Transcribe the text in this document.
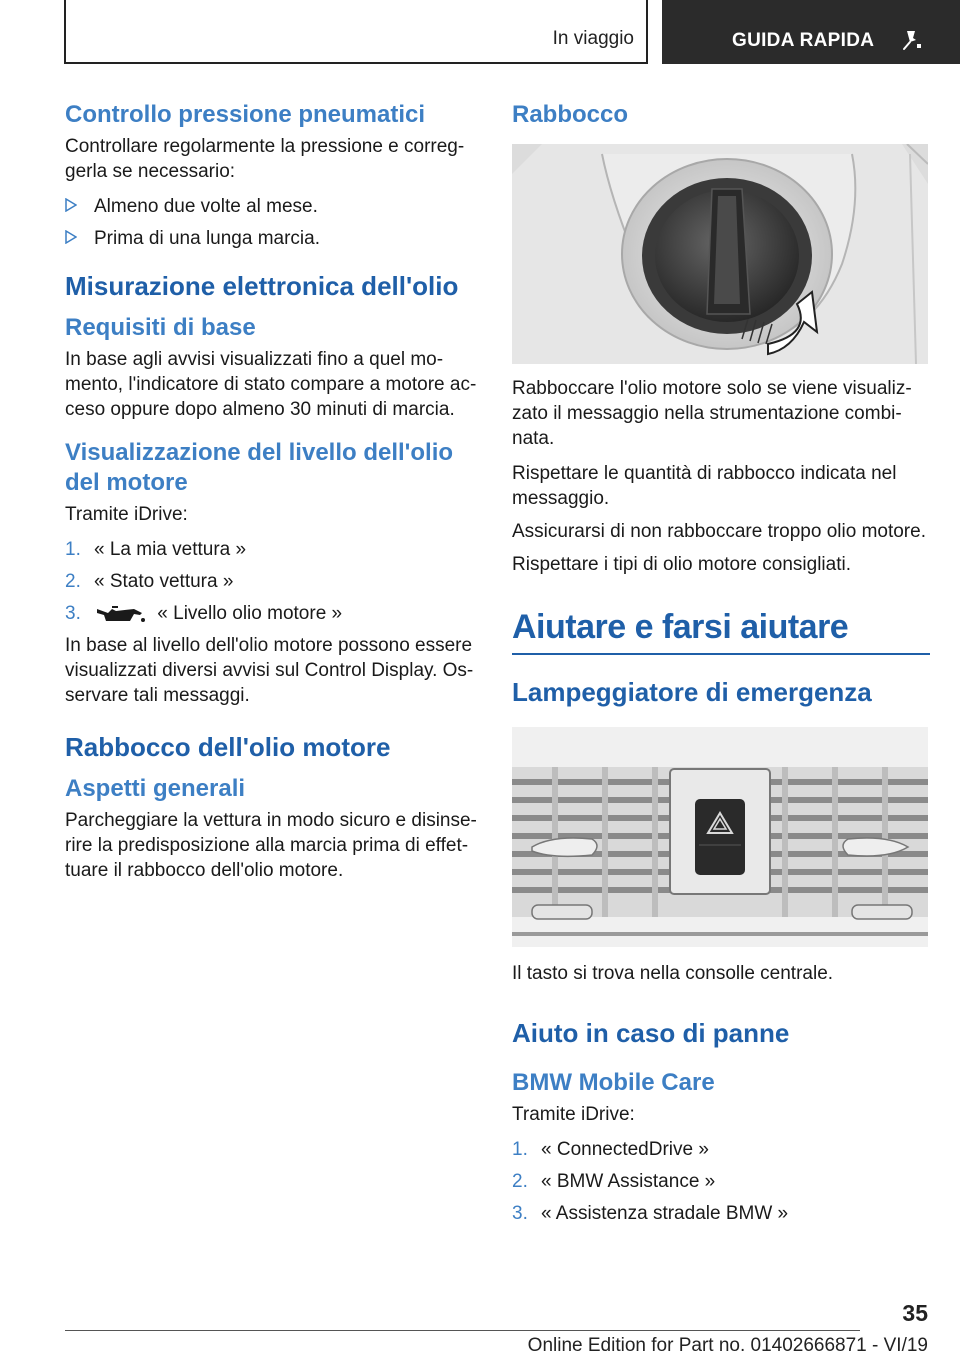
In viaggio	GUIDA RAPIDA
Controllo pressione pneumatici

Controllare regolarmente la pressione e correg-gerla se necessario:

Almeno due volte al mese.
Prima di una lunga marcia.
Misurazione elettronica dell'olio
Requisiti di base

In base agli avvisi visualizzati fino a quel mo-mento, l'indicatore di stato compare a motore ac-ceso oppure dopo almeno 30 minuti di marcia.

Visualizzazione del livello dell'olio del motore

Tramite iDrive:

1. « La mia vettura »
2. « Stato vettura »
3.	« Livello olio motore »

In base al livello dell'olio motore possono essere visualizzati diversi avvisi sul Control Display. Os-servare tali messaggi.

Rabbocco dell'olio motore
Aspetti generali

Parcheggiare la vettura in modo sicuro e disinse-rire la predisposizione alla marcia prima di effet-tuare il rabbocco dell'olio motore.

Rabbocco

Rabboccare l'olio motore solo se viene visualiz-zato il messaggio nella strumentazione combi-nata.

Rispettare le quantità di rabbocco indicata nel messaggio.

Assicurarsi di non rabboccare troppo olio motore.

Rispettare i tipi di olio motore consigliati.

Aiutare e farsi aiutare
Lampeggiatore di emergenza

Il tasto si trova nella consolle centrale.

Aiuto in caso di panne
BMW Mobile Care

Tramite iDrive:

1. « ConnectedDrive »
2. « BMW Assistance »
3. « Assistenza stradale BMW »
35
Online Edition for Part no. 01402666871 - VI/19
